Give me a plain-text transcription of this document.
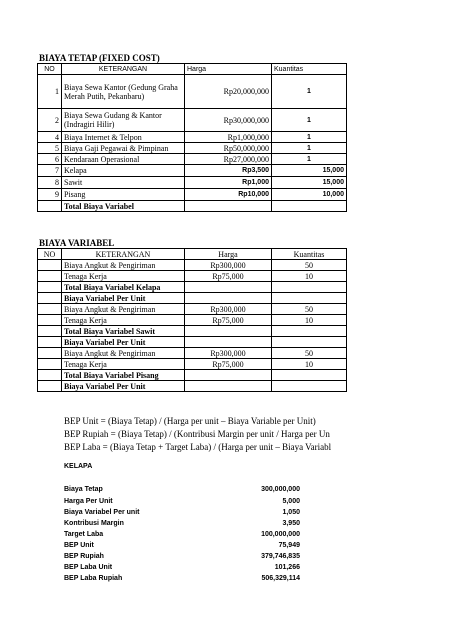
BIAYA TETAP (FIXED COST)
NO	KETERANGAN	Harga	Kuantitas
1	Biaya Sewa Kantor (Gedung Graha Merah Putih, Pekanbaru)	Rp20,000,000	1
2	Biaya Sewa Gudang & Kantor (Indragiri Hilir)	Rp30,000,000	1
4	Biaya Internet & Telpon	Rp1,000,000	1
5	Biaya Gaji Pegawai & Pimpinan	Rp50,000,000	1
6	Kendaraan Operasional	Rp27,000,000	1
7	Kelapa	Rp3,500	15,000
8	Sawit	Rp1,000	15,000
9	Pisang	Rp10,000	10,000
	Total Biaya Variabel		
BIAYA VARIABEL
NO	KETERANGAN	Harga	Kuantitas
	Biaya Angkut & Pengiriman	Rp300,000	50
	Tenaga Kerja	Rp75,000	10
	Total Biaya Variabel Kelapa		
	Biaya Variabel Per Unit		
	Biaya Angkut & Pengiriman	Rp300,000	50
	Tenaga Kerja	Rp75,000	10
	Total Biaya Variabel Sawit		
	Biaya Variabel Per Unit		
	Biaya Angkut & Pengiriman	Rp300,000	50
	Tenaga Kerja	Rp75,000	10
	Total Biaya Variabel Pisang		
	Biaya Variabel Per Unit		
BEP Unit = (Biaya Tetap) / (Harga per unit – Biaya Variable per Unit)
BEP Rupiah = (Biaya Tetap) / (Kontribusi Margin per unit / Harga per Un
BEP Laba = (Biaya Tetap + Target Laba) / (Harga per unit – Biaya Variabl
KELAPA
Biaya Tetap	300,000,000
Harga Per Unit	5,000
Biaya Variabel Per unit	1,050
Kontribusi Margin	3,950
Target Laba	100,000,000
BEP Unit	75,949
BEP Rupiah	379,746,835
BEP Laba Unit	101,266
BEP Laba Rupiah	506,329,114
